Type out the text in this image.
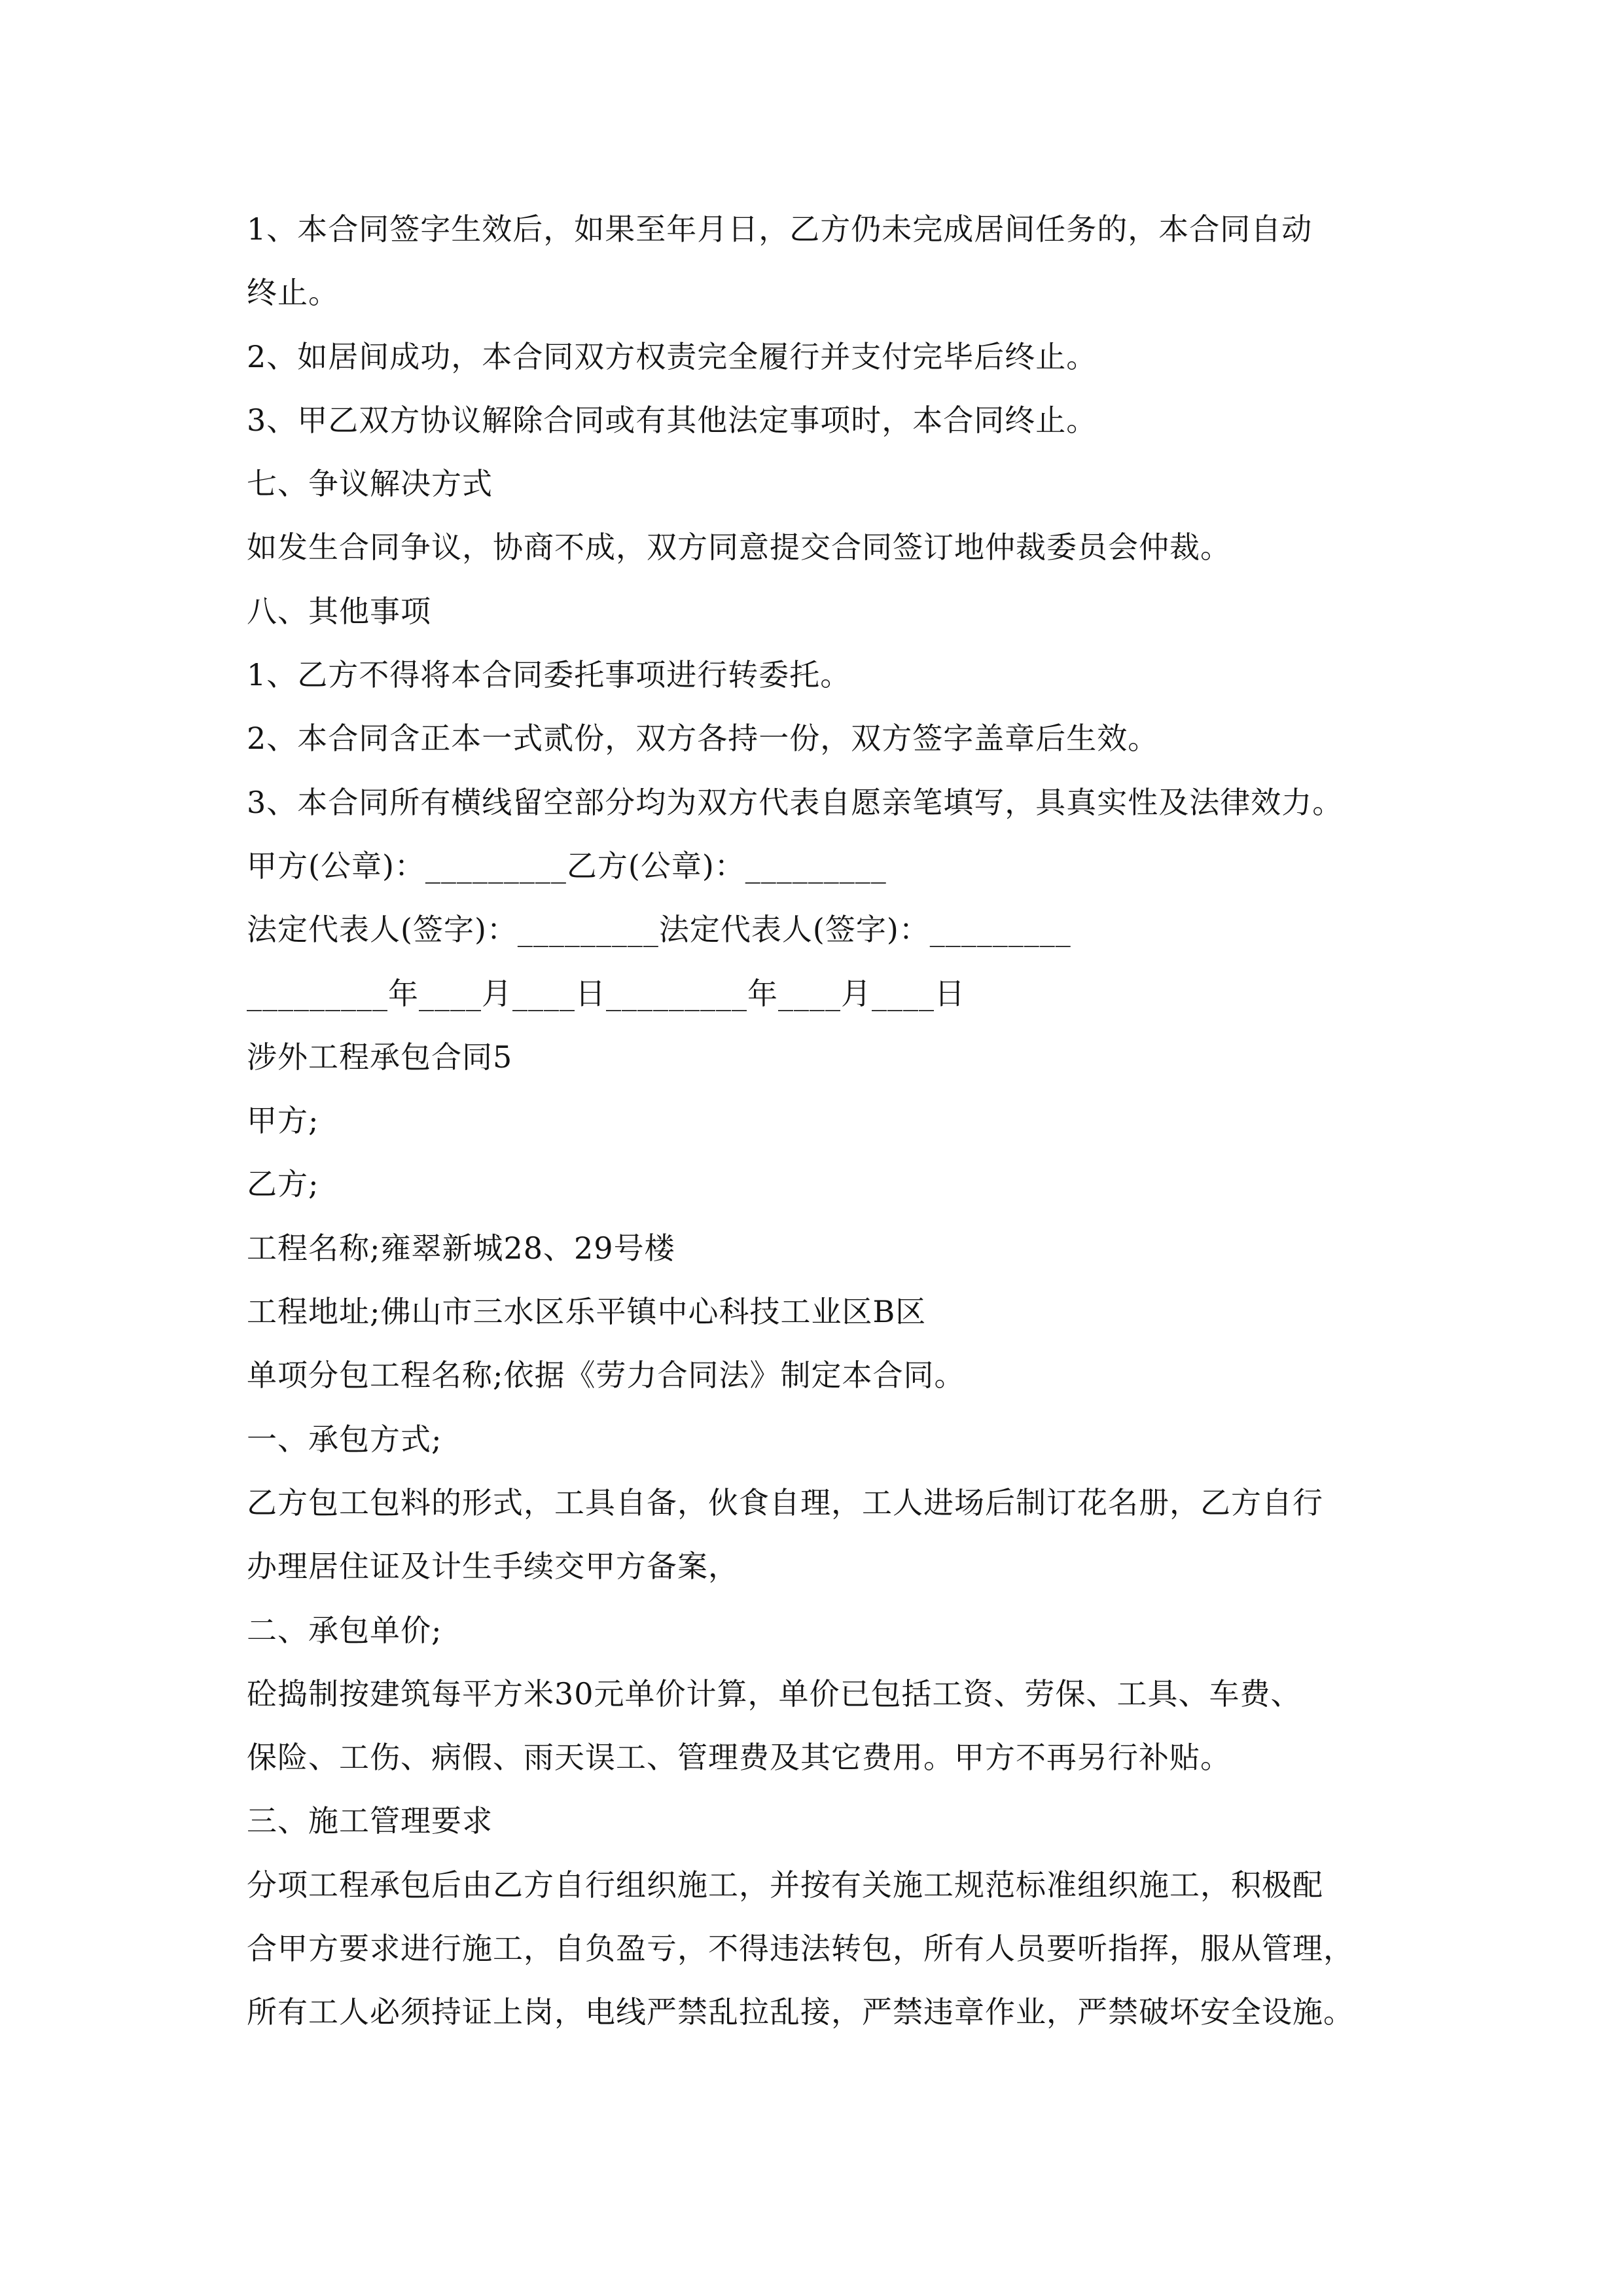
1、本合同签字生效后，如果至年月日，乙方仍未完成居间任务的，本合同自动
终止。
2、如居间成功，本合同双方权责完全履行并支付完毕后终止。
3、甲乙双方协议解除合同或有其他法定事项时，本合同终止。
七、争议解决方式
如发生合同争议，协商不成，双方同意提交合同签订地仲裁委员会仲裁。
八、其他事项
1、乙方不得将本合同委托事项进行转委托。
2、本合同含正本一式贰份，双方各持一份，双方签字盖章后生效。
3、本合同所有横线留空部分均为双方代表自愿亲笔填写，具真实性及法律效力。
甲方(公章)：_________乙方(公章)：_________
法定代表人(签字)：_________法定代表人(签字)：_________
_________年____月____日_________年____月____日
涉外工程承包合同5
甲方;
乙方;
工程名称;雍翠新城28、29号楼
工程地址;佛山市三水区乐平镇中心科技工业区B区
单项分包工程名称;依据《劳力合同法》制定本合同。
一、承包方式;
乙方包工包料的形式，工具自备，伙食自理，工人进场后制订花名册，乙方自行
办理居住证及计生手续交甲方备案，
二、承包单价;
砼捣制按建筑每平方米30元单价计算，单价已包括工资、劳保、工具、车费、
保险、工伤、病假、雨天误工、管理费及其它费用。甲方不再另行补贴。
三、施工管理要求
分项工程承包后由乙方自行组织施工，并按有关施工规范标准组织施工，积极配
合甲方要求进行施工，自负盈亏，不得违法转包，所有人员要听指挥，服从管理，
所有工人必须持证上岗，电线严禁乱拉乱接，严禁违章作业，严禁破坏安全设施。
